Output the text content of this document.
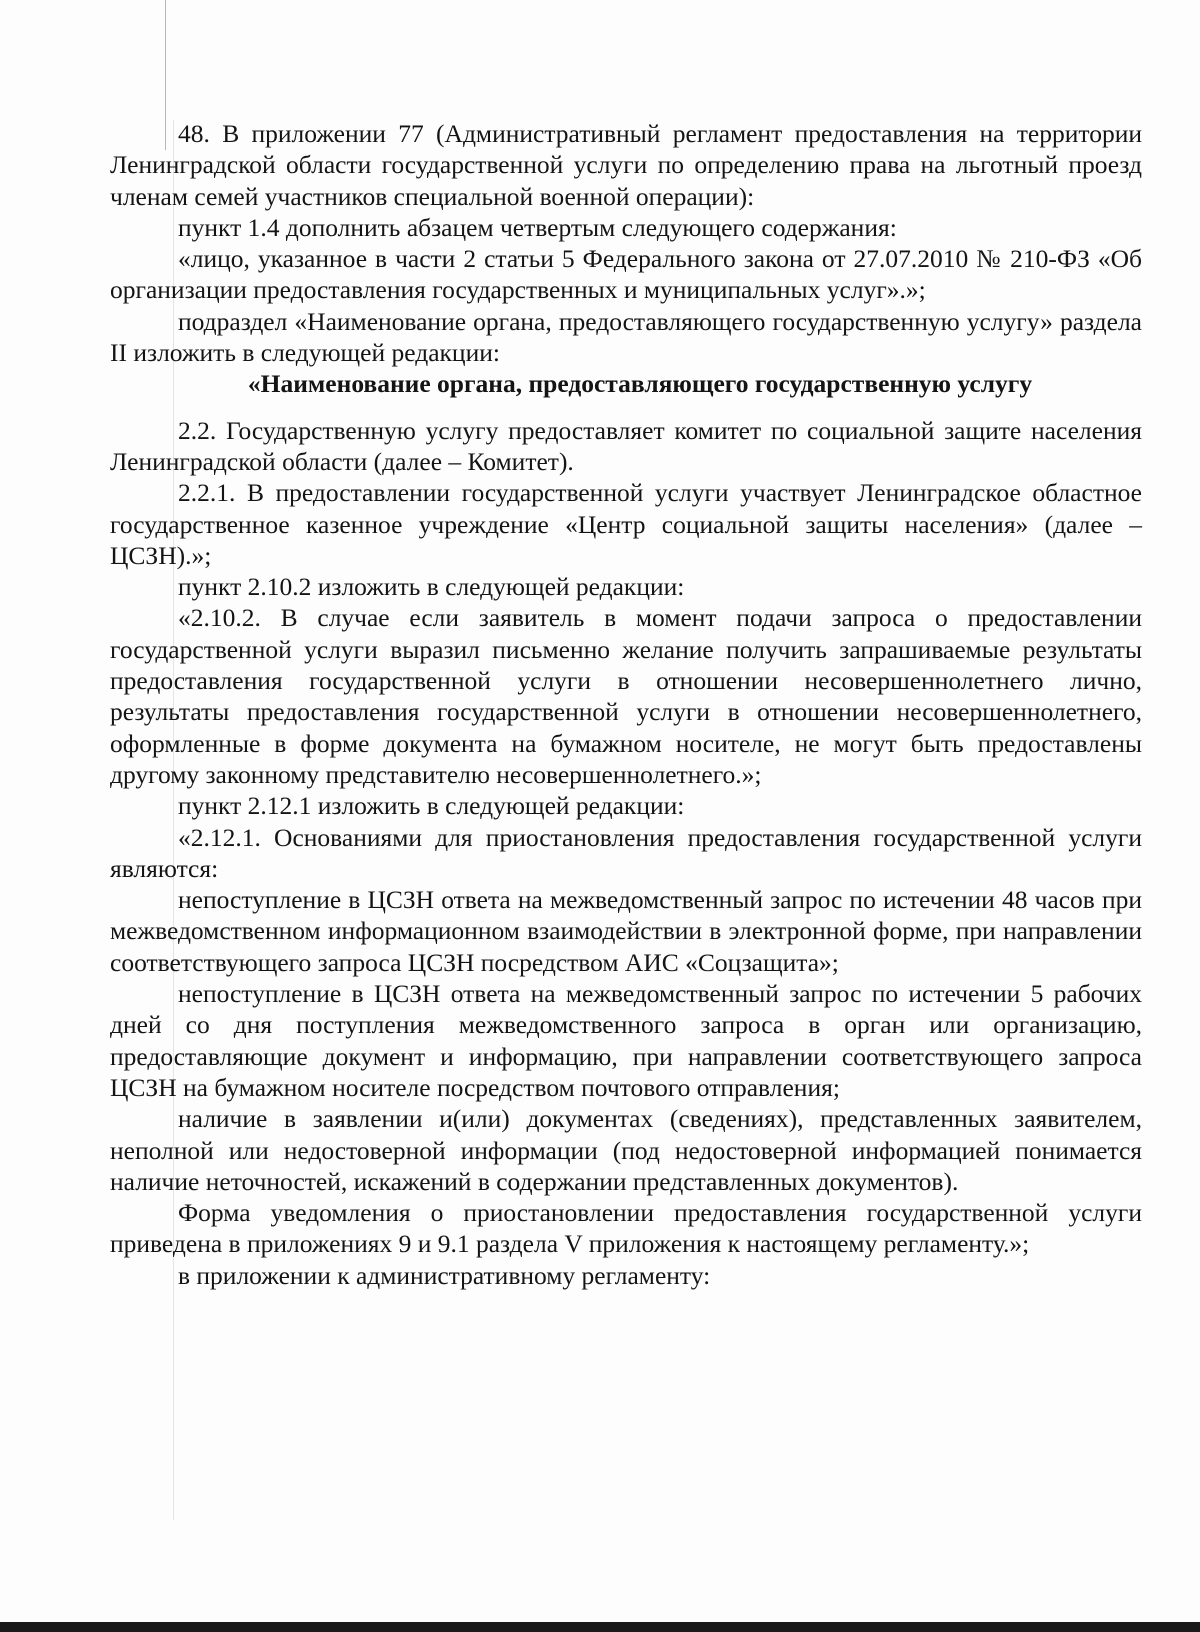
48. В приложении 77 (Административный регламент предоставления на территории Ленинградской области государственной услуги по определению права на льготный проезд членам семей участников специальной военной операции):

пункт 1.4 дополнить абзацем четвертым следующего содержания:

«лицо, указанное в части 2 статьи 5 Федерального закона от 27.07.2010 № 210-ФЗ «Об организации предоставления государственных и муниципальных услуг».»;

подраздел «Наименование органа, предоставляющего государственную услугу» раздела II изложить в следующей редакции:

«Наименование органа, предоставляющего государственную услугу

2.2. Государственную услугу предоставляет комитет по социальной защите населения Ленинградской области (далее – Комитет).

2.2.1. В предоставлении государственной услуги участвует Ленинградское областное государственное казенное учреждение «Центр социальной защиты населения» (далее – ЦСЗН).»;

пункт 2.10.2 изложить в следующей редакции:

«2.10.2. В случае если заявитель в момент подачи запроса о предоставлении государственной услуги выразил письменно желание получить запрашиваемые результаты предоставления государственной услуги в отношении несовершеннолетнего лично, результаты предоставления государственной услуги в отношении несовершеннолетнего, оформленные в форме документа на бумажном носителе, не могут быть предоставлены другому законному представителю несовершеннолетнего.»;

пункт 2.12.1 изложить в следующей редакции:

«2.12.1. Основаниями для приостановления предоставления государственной услуги являются:

непоступление в ЦСЗН ответа на межведомственный запрос по истечении 48 часов при межведомственном информационном взаимодействии в электронной форме, при направлении соответствующего запроса ЦСЗН посредством АИС «Соцзащита»;

непоступление в ЦСЗН ответа на межведомственный запрос по истечении 5 рабочих дней со дня поступления межведомственного запроса в орган или организацию, предоставляющие документ и информацию, при направлении соответствующего запроса ЦСЗН на бумажном носителе посредством почтового отправления;

наличие в заявлении и(или) документах (сведениях), представленных заявителем, неполной или недостоверной информации (под недостоверной информацией понимается наличие неточностей, искажений в содержании представленных документов).

Форма уведомления о приостановлении предоставления государственной услуги приведена в приложениях 9 и 9.1 раздела V приложения к настоящему регламенту.»;

в приложении к административному регламенту:
